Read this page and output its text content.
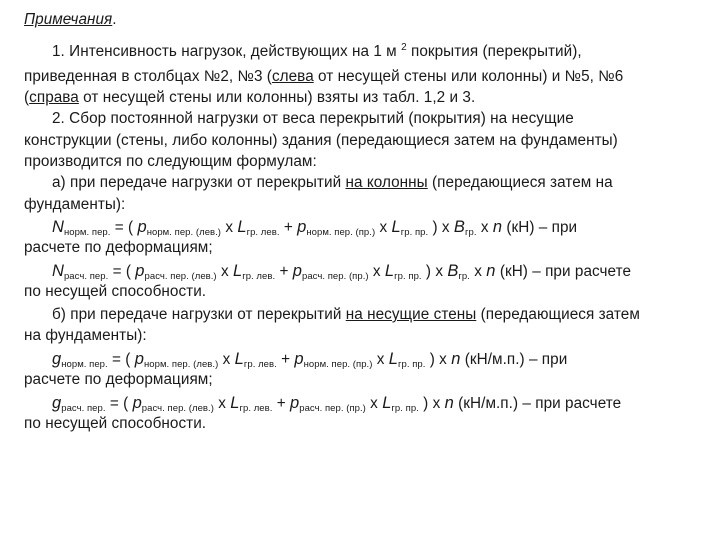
Примечания.
1. Интенсивность нагрузок, действующих на 1 м $^2$ покрытия (перекрытий),
приведенная в столбцах №2, №3 (слева от несущей стены или колонны) и №5, №6
(справа от несущей стены или колонны) взяты из табл. 1,2 и 3.
2. Сбор постоянной нагрузки от веса перекрытий (покрытия) на несущие
конструкции (стены, либо колонны) здания (передающиеся затем на фундаменты)
производится по следующим формулам:
а) при передаче нагрузки от перекрытий на колонны (передающиеся затем на
фундаменты):
$N_{норм. пер.}$ = ( $p_{норм. пер. (лев.)}$ x $L_{гр. лев.} + p_{норм. пер. (пр.)}$ x $L_{гр. пр.}$ ) x $B_{гр.}$ x n (кН) – при
расчете по деформациям;
$N_{расч. пер.}$ = ( $p_{расч. пер. (лев.)}$ x $L_{гр. лев.} + p_{расч. пер. (пр.)}$ x $L_{гр. пр.}$ ) x $B_{гр.}$ x n (кН) – при расчете
по несущей способности.
б) при передаче нагрузки от перекрытий на несущие стены (передающиеся затем
на фундаменты):
$g_{норм. пер.}$ = ( $p_{норм. пер. (лев.)}$ x $L_{гр. лев.} + p_{норм. пер. (пр.)}$ x $L_{гр. пр.}$ ) x n (кН/м.п.) – при
расчете по деформациям;
$g_{расч. пер.}$ = ( $p_{расч. пер. (лев.)}$ x $L_{гр. лев.} + p_{расч. пер. (пр.)}$ x $L_{гр. пр.}$ ) x n (кН/м.п.) – при расчете
по несущей способности.
